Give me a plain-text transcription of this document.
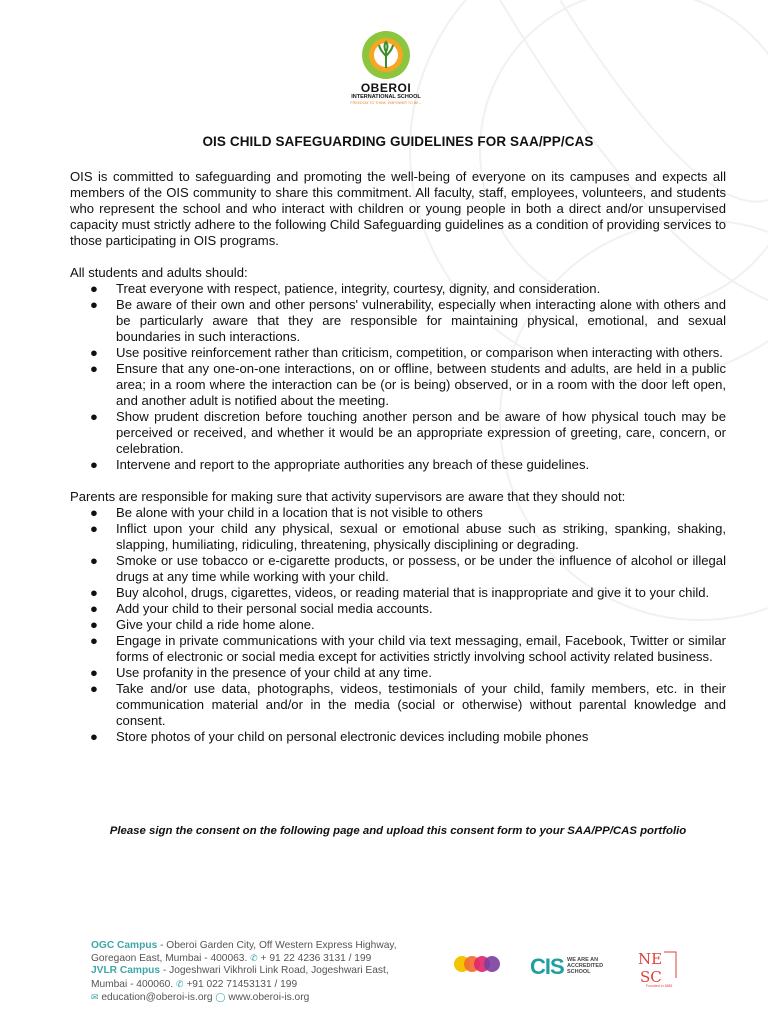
OBEROI
INTERNATIONAL SCHOOL
FREEDOM TO THINK. EMPOWER TO BE...
OIS CHILD SAFEGUARDING GUIDELINES FOR SAA/PP/CAS

OIS is committed to safeguarding and promoting the well-being of everyone on its campuses and expects all members of the OIS community to share this commitment. All faculty, staff, employees, volunteers, and students who represent the school and who interact with children or young people in both a direct and/or unsupervised capacity must strictly adhere to the following Child Safeguarding guidelines as a condition of providing services to those participating in OIS programs.

All students and adults should:

● Treat everyone with respect, patience, integrity, courtesy, dignity, and consideration.
● Be aware of their own and other persons' vulnerability, especially when interacting alone with others and be particularly aware that they are responsible for maintaining physical, emotional, and sexual boundaries in such interactions.
● Use positive reinforcement rather than criticism, competition, or comparison when interacting with others.
● Ensure that any one-on-one interactions, on or offline, between students and adults, are held in a public area; in a room where the interaction can be (or is being) observed, or in a room with the door left open, and another adult is notified about the meeting.
● Show prudent discretion before touching another person and be aware of how physical touch may be perceived or received, and whether it would be an appropriate expression of greeting, care, concern, or celebration.
● Intervene and report to the appropriate authorities any breach of these guidelines.

Parents are responsible for making sure that activity supervisors are aware that they should not:

● Be alone with your child in a location that is not visible to others
● Inflict upon your child any physical, sexual or emotional abuse such as striking, spanking, shaking, slapping, humiliating, ridiculing, threatening, physically disciplining or degrading.
● Smoke or use tobacco or e-cigarette products, or possess, or be under the influence of alcohol or illegal drugs at any time while working with your child.
● Buy alcohol, drugs, cigarettes, videos, or reading material that is inappropriate and give it to your child.
● Add your child to their personal social media accounts.
● Give your child a ride home alone.
● Engage in private communications with your child via text messaging, email, Facebook, Twitter or similar forms of electronic or social media except for activities strictly involving school activity related business.
● Use profanity in the presence of your child at any time.
● Take and/or use data, photographs, videos, testimonials of your child, family members, etc. in their communication material and/or in the media (social or otherwise) without parental knowledge and consent.
● Store photos of your child on personal electronic devices including mobile phones
Please sign the consent on the following page and upload this consent form to your SAA/PP/CAS portfolio
OGC Campus - Oberoi Garden City, Off Western Express Highway,
Goregaon East, Mumbai - 400063. ✆ + 91 22 4236 3131 / 199
JVLR Campus - Jogeshwari Vikhroli Link Road, Jogeshwari East,
Mumbai - 400060. ✆ +91 022 71453131 / 199
✉ education@oberoi-is.org ◯ www.oberoi-is.org
CIS WE ARE AN ACCREDITED SCHOOL
NE
SC
Founded in 1885
